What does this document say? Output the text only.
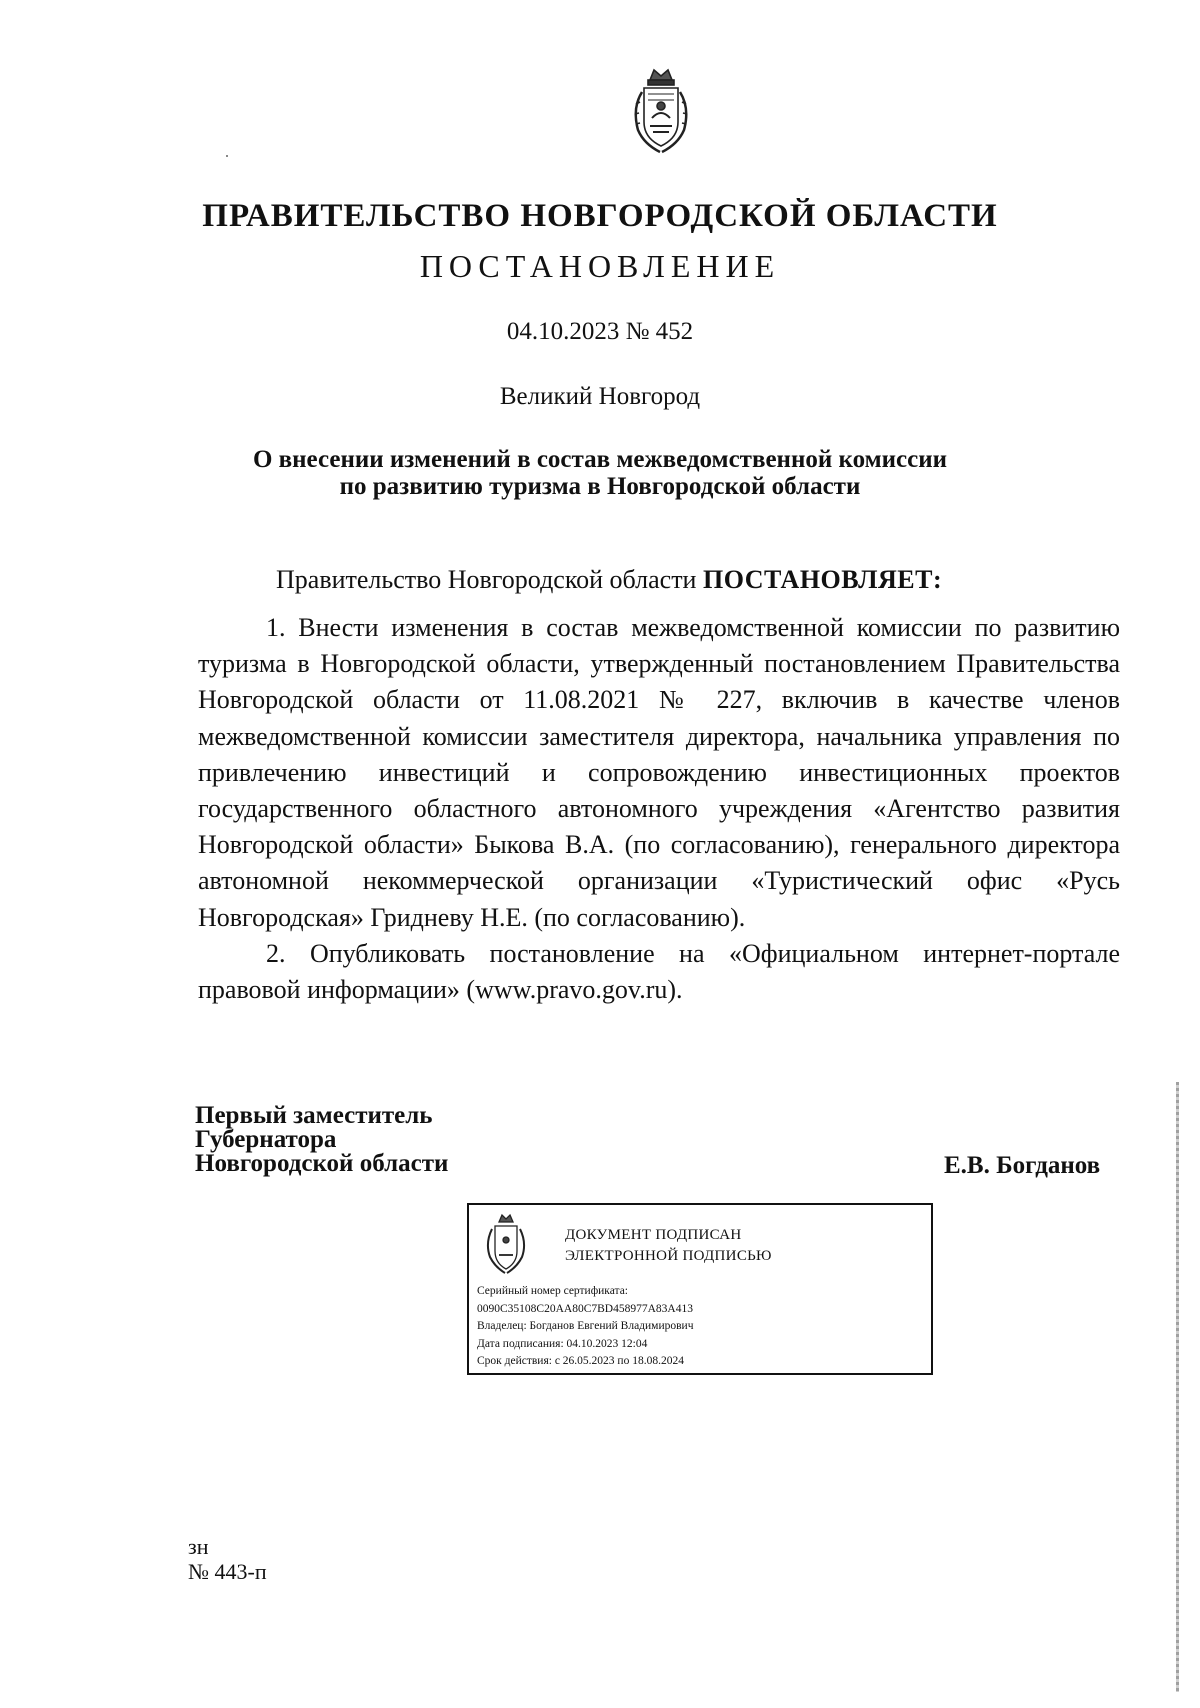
ПРАВИТЕЛЬСТВО НОВГОРОДСКОЙ ОБЛАСТИ
ПОСТАНОВЛЕНИЕ
04.10.2023 № 452
Великий Новгород
О внесении изменений в состав межведомственной комиссии
по развитию туризма в Новгородской области
Правительство Новгородской области ПОСТАНОВЛЯЕТ:

1. Внести изменения в состав межведомственной комиссии по развитию туризма в Новгородской области, утвержденный постановлением Правительства Новгородской области от 11.08.2021 № 227, включив в качестве членов межведомственной комиссии заместителя директора, начальника управления по привлечению инвестиций и сопровождению инвестиционных проектов государственного областного автономного учреждения «Агентство развития Новгородской области» Быкова В.А. (по согласованию), генерального директора автономной некоммерческой организации «Туристический офис «Русь Новгородская» Гридневу Н.Е. (по согласованию).

2. Опубликовать постановление на «Официальном интернет-портале правовой информации» (www.pravo.gov.ru).

Первый заместитель
Губернатора
Новгородской области	Е.В. Богданов
ДОКУМЕНТ ПОДПИСАН
ЭЛЕКТРОННОЙ ПОДПИСЬЮ
Серийный номер сертификата:
0090C35108C20AA80C7BD458977A83A413
Владелец: Богданов Евгений Владимирович
Дата подписания: 04.10.2023 12:04
Срок действия: с 26.05.2023 по 18.08.2024
зн
№ 443-п
